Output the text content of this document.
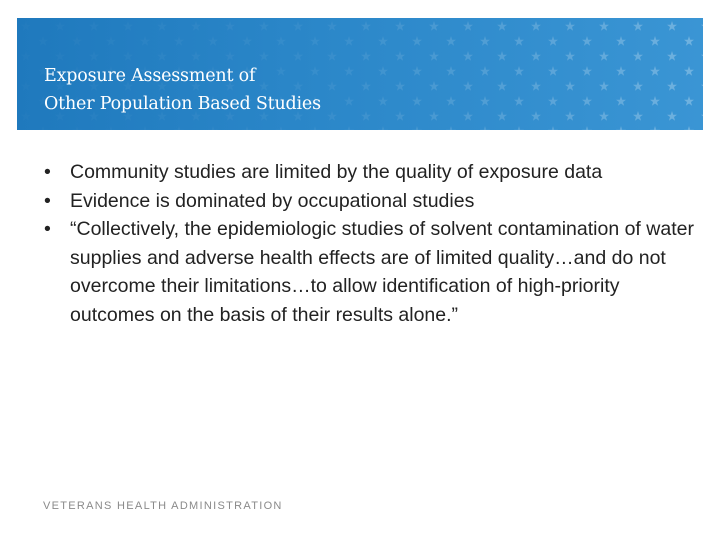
Exposure Assessment of
Other Population Based Studies
• Community studies are limited by the quality of exposure data
• Evidence is dominated by occupational studies
• “Collectively, the epidemiologic studies of solvent contamination of water supplies and adverse health effects are of limited quality…and do not overcome their limitations…to allow identification of high-priority outcomes on the basis of their results alone.”
VETERANS HEALTH ADMINISTRATION
